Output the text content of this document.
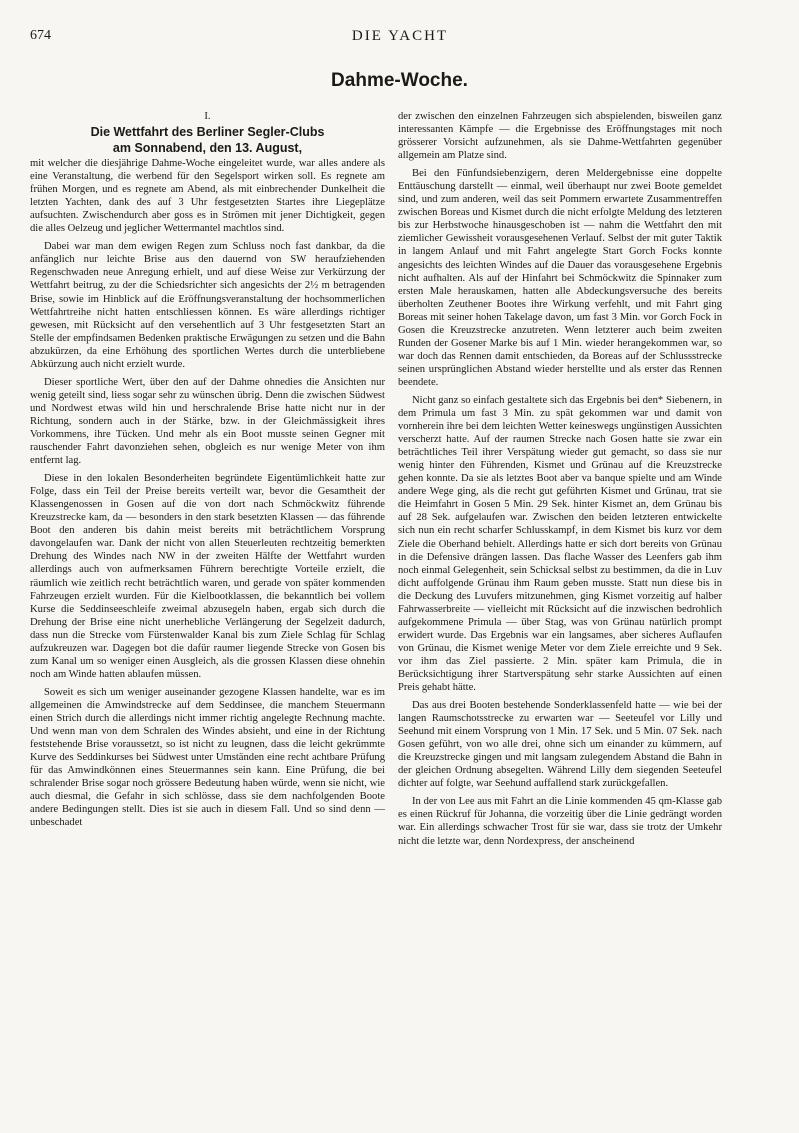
674	DIE YACHT
Dahme-Woche.
I.
Die Wettfahrt des Berliner Segler-Clubs
am Sonnabend, den 13. August,

mit welcher die diesjährige Dahme-Woche eingeleitet wurde, war alles andere als eine Veranstaltung, die werbend für den Segelsport wirken soll. Es regnete am frühen Morgen, und es regnete am Abend, als mit einbrechender Dunkelheit die letzten Yachten, dank des auf 3 Uhr festgesetzten Startes ihre Liegeplätze aufsuchten. Zwischendurch aber goss es in Strömen mit jener Dichtigkeit, gegen die alles Oelzeug und jeglicher Wettermantel machtlos sind.

Dabei war man dem ewigen Regen zum Schluss noch fast dankbar, da die anfänglich nur leichte Brise aus den dauernd von SW heraufziehenden Regenschwaden neue Anregung erhielt, und auf diese Weise zur Verkürzung der Wettfahrt beitrug, zu der die Schiedsrichter sich angesichts der 2½ m betragenden Brise, sowie im Hinblick auf die Eröffnungsveranstaltung der hochsommerlichen Wettfahrtreihe nicht hatten entschliessen können. Es wäre allerdings richtiger gewesen, mit Rücksicht auf den versehentlich auf 3 Uhr festgesetzten Start an Stelle der empfindsamen Bedenken praktische Erwägungen zu setzen und die Bahn abzukürzen, da eine Erhöhung des sportlichen Wertes durch die unterbliebene Abkürzung auch nicht erzielt wurde.

Dieser sportliche Wert, über den auf der Dahme ohnedies die Ansichten nur wenig geteilt sind, liess sogar sehr zu wünschen übrig. Denn die zwischen Südwest und Nordwest etwas wild hin und herschralende Brise hatte nicht nur in der Richtung, sondern auch in der Stärke, bzw. in der Gleichmässigkeit ihres Vorkommens, ihre Tücken. Und mehr als ein Boot musste seinen Gegner mit rauschender Fahrt davonziehen sehen, obgleich es nur wenige Meter von ihm entfernt lag.

Diese in den lokalen Besonderheiten begründete Eigentümlichkeit hatte zur Folge, dass ein Teil der Preise bereits verteilt war, bevor die Gesamtheit der Klassengenossen in Gosen auf die von dort nach Schmöckwitz führende Kreuzstrecke kam, da — besonders in den stark besetzten Klassen — das führende Boot den anderen bis dahin meist bereits mit beträchtlichem Vorsprung davongelaufen war. Dank der nicht von allen Steuerleuten rechtzeitig bemerkten Drehung des Windes nach NW in der zweiten Hälfte der Wettfahrt wurden allerdings auch von aufmerksamen Führern berechtigte Vorteile erzielt, die räumlich wie zeitlich recht beträchtlich waren, und gerade von später kommenden Fahrzeugen erzielt wurden. Für die Kielbootklassen, die bekanntlich bei vollem Kurse die Seddinseeschleife zweimal abzusegeln haben, ergab sich durch die Drehung der Brise eine nicht unerhebliche Verlängerung der Segelzeit dadurch, dass nun die Strecke vom Fürstenwalder Kanal bis zum Ziele Schlag für Schlag aufzukreuzen war. Dagegen bot die dafür raumer liegende Strecke von Gosen bis zum Kanal um so weniger einen Ausgleich, als die grossen Klassen diese ohnehin noch am Winde hatten ablaufen müssen.

Soweit es sich um weniger auseinander gezogene Klassen handelte, war es im allgemeinen die Amwindstrecke auf dem Seddinsee, die manchem Steuermann einen Strich durch die allerdings nicht immer richtig angelegte Rechnung machte. Und wenn man von dem Schralen des Windes absieht, und eine in der Richtung feststehende Brise voraussetzt, so ist nicht zu leugnen, dass die leicht gekrümmte Kurve des Seddinkurses bei Südwest unter Umständen eine recht achtbare Prüfung für das Amwindkönnen eines Steuermannes sein kann. Eine Prüfung, die bei schralender Brise sogar noch grössere Bedeutung haben würde, wenn sie nicht, wie auch diesmal, die Gefahr in sich schlösse, dass sie dem nachfolgenden Boote andere Bedingungen stellt. Dies ist sie auch in diesem Fall. Und so sind denn — unbeschadet

der zwischen den einzelnen Fahrzeugen sich abspielenden, bisweilen ganz interessanten Kämpfe — die Ergebnisse des Eröffnungstages mit noch grösserer Vorsicht aufzunehmen, als sie Dahme-Wettfahrten gegenüber allgemein am Platze sind.

Bei den Fünfundsiebenzigern, deren Meldergebnisse eine doppelte Enttäuschung darstellt — einmal, weil überhaupt nur zwei Boote gemeldet sind, und zum anderen, weil das seit Pommern erwartete Zusammentreffen zwischen Boreas und Kismet durch die nicht erfolgte Meldung des letzteren bis zur Herbstwoche hinausgeschoben ist — nahm die Wettfahrt den mit ziemlicher Gewissheit vorausgesehenen Verlauf. Selbst der mit guter Taktik in langem Anlauf und mit Fahrt angelegte Start Gorch Focks konnte angesichts des leichten Windes auf die Dauer das vorausgesehene Ergebnis nicht aufhalten. Als auf der Hinfahrt bei Schmöckwitz die Spinnaker zum ersten Male herauskamen, hatten alle Abdeckungsversuche des bereits überholten Zeuthener Bootes ihre Wirkung verfehlt, und mit Fahrt ging Boreas mit seiner hohen Takelage davon, um fast 3 Min. vor Gorch Fock in Gosen die Kreuzstrecke anzutreten. Wenn letzterer auch beim zweiten Runden der Gosener Marke bis auf 1 Min. wieder herangekommen war, so war doch das Rennen damit entschieden, da Boreas auf der Schlussstrecke seinen ursprünglichen Abstand wieder herstellte und als erster das Rennen beendete.

Nicht ganz so einfach gestaltete sich das Ergebnis bei den* Siebenern, in dem Primula um fast 3 Min. zu spät gekommen war und damit von vornherein ihre bei dem leichten Wetter keineswegs ungünstigen Aussichten verscherzt hatte. Auf der raumen Strecke nach Gosen hatte sie zwar ein beträchtliches Teil ihrer Verspätung wieder gut gemacht, so dass sie nur wenig hinter den Führenden, Kismet und Grünau auf die Kreuzstrecke gehen konnte. Da sie als letztes Boot aber va banque spielte und am Winde andere Wege ging, als die recht gut geführten Kismet und Grünau, trat sie die Heimfahrt in Gosen 5 Min. 29 Sek. hinter Kismet an, dem Grünau bis auf 28 Sek. aufgelaufen war. Zwischen den beiden letzteren entwickelte sich nun ein recht scharfer Schlusskampf, in dem Kismet bis kurz vor dem Ziele die Oberhand behielt. Allerdings hatte er sich dort bereits von Grünau in die Defensive drängen lassen. Das flache Wasser des Leenfers gab ihm noch einmal Gelegenheit, sein Schicksal selbst zu bestimmen, da die in Luv dicht auffolgende Grünau ihm Raum geben musste. Statt nun diese bis in die Deckung des Luvufers mitzunehmen, ging Kismet vorzeitig auf halber Fahrwasserbreite — vielleicht mit Rücksicht auf die inzwischen bedrohlich aufgekommene Primula — über Stag, was von Grünau natürlich prompt erwidert wurde. Das Ergebnis war ein langsames, aber sicheres Auflaufen von Grünau, die Kismet wenige Meter vor dem Ziele erreichte und 9 Sek. vor ihm das Ziel passierte. 2 Min. später kam Primula, die in Berücksichtigung ihrer Startverspätung sehr starke Aussichten auf einen Preis gehabt hätte.

Das aus drei Booten bestehende Sonderklassenfeld hatte — wie bei der langen Raumschotsstrecke zu erwarten war — Seeteufel vor Lilly und Seehund mit einem Vorsprung von 1 Min. 17 Sek. und 5 Min. 07 Sek. nach Gosen geführt, von wo alle drei, ohne sich um einander zu kümmern, auf die Kreuzstrecke gingen und mit langsam zulegendem Abstand die Bahn in der gleichen Ordnung absegelten. Während Lilly dem siegenden Seeteufel dichter auf folgte, war Seehund auffallend stark zurückgefallen.

In der von Lee aus mit Fahrt an die Linie kommenden 45 qm-Klasse gab es einen Rückruf für Johanna, die vorzeitig über die Linie gedrängt worden war. Ein allerdings schwacher Trost für sie war, dass sie trotz der Umkehr nicht die letzte war, denn Nordexpress, der anscheinend
